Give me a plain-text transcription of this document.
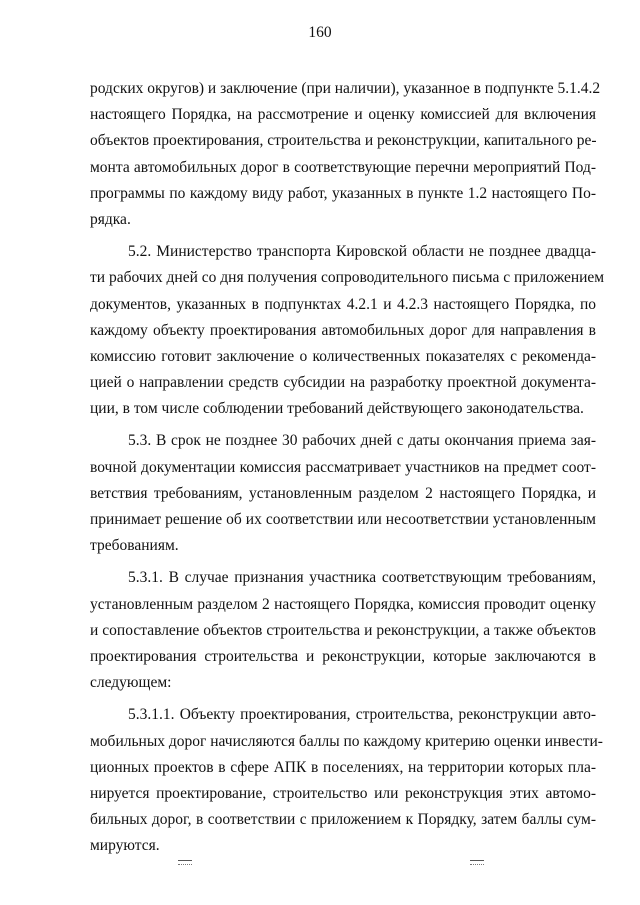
160
родских округов) и заключение (при наличии), указанное в подпункте 5.1.4.2
настоящего Порядка, на рассмотрение и оценку комиссией для включения
объектов проектирования, строительства и реконструкции, капитального ре-
монта автомобильных дорог в соответствующие перечни мероприятий Под-
программы по каждому виду работ, указанных в пункте 1.2 настоящего По-
рядка.
5.2. Министерство транспорта Кировской области не позднее двадца-
ти рабочих дней со дня получения сопроводительного письма с приложением
документов, указанных в подпунктах 4.2.1 и 4.2.3 настоящего Порядка, по
каждому объекту проектирования автомобильных дорог для направления в
комиссию готовит заключение о количественных показателях с рекоменда-
цией о направлении средств субсидии на разработку проектной документа-
ции, в том числе соблюдении требований действующего законодательства.
5.3. В срок не позднее 30 рабочих дней с даты окончания приема зая-
вочной документации комиссия рассматривает участников на предмет соот-
ветствия требованиям, установленным разделом 2 настоящего Порядка, и
принимает решение об их соответствии или несоответствии установленным
требованиям.
5.3.1. В случае признания участника соответствующим требованиям,
установленным разделом 2 настоящего Порядка, комиссия проводит оценку
и сопоставление объектов строительства и реконструкции, а также объектов
проектирования строительства и реконструкции, которые заключаются в
следующем:
5.3.1.1. Объекту проектирования, строительства, реконструкции авто-
мобильных дорог начисляются баллы по каждому критерию оценки инвести-
ционных проектов в сфере АПК в поселениях, на территории которых пла-
нируется проектирование, строительство или реконструкция этих автомо-
бильных дорог, в соответствии с приложением к Порядку, затем баллы сум-
мируются.
